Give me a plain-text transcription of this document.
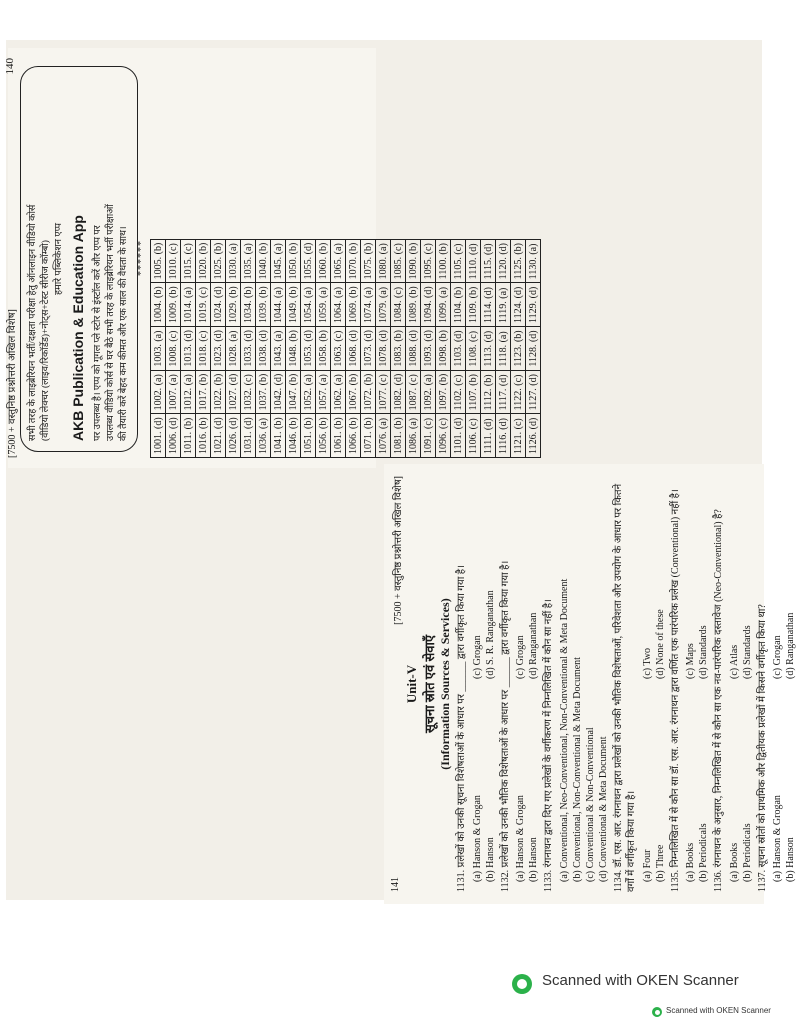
[7500 + वस्तुनिष्ठ प्रश्नोत्तरी अखिल विशेष]
140
सभी तरह के लाइब्रेरियन भर्ती/दक्षता परीक्षा हेतु ऑनलाइन वीडियो कोर्स (वीडियो लेक्चर (लाइव/रिकॉर्डेड)+नोट्स+टेस्ट सीरीज कॉम्बो) हमारे पब्लिकेशन एप्प AKB Publication & Education App पर उपलब्ध है। एप्प को गूगल प्ले स्टोर से इंस्टॉल करें और एप्प पर उपलब्ध वीडियो कोर्स से घर बैठे सभी तरह के लाइब्रेरियन भर्ती परीक्षाओं की तैयारी करें बेहद कम कीमत और एक साल की वैधता के साथ। ******
1001. (d)	1002. (a)	1003. (a)	1004. (b)	1005. (b)
1006. (d)	1007. (a)	1008. (c)	1009. (b)	1010. (c)
1011. (b)	1012. (a)	1013. (d)	1014. (a)	1015. (c)
1016. (b)	1017. (b)	1018. (c)	1019. (c)	1020. (b)
1021. (d)	1022. (b)	1023. (d)	1024. (d)	1025. (b)
1026. (d)	1027. (d)	1028. (a)	1029. (b)	1030. (a)
1031. (d)	1032. (c)	1033. (d)	1034. (b)	1035. (a)
1036. (a)	1037. (b)	1038. (d)	1039. (b)	1040. (b)
1041. (b)	1042. (d)	1043. (a)	1044. (a)	1045. (a)
1046. (b)	1047. (b)	1048. (b)	1049. (b)	1050. (b)
1051. (b)	1052. (a)	1053. (d)	1054. (a)	1055. (d)
1056. (b)	1057. (a)	1058. (b)	1059. (a)	1060. (b)
1061. (b)	1062. (a)	1063. (c)	1064. (a)	1065. (a)
1066. (b)	1067. (b)	1068. (d)	1069. (b)	1070. (b)
1071. (b)	1072. (b)	1073. (d)	1074. (a)	1075. (b)
1076. (a)	1077. (c)	1078. (d)	1079. (a)	1080. (a)
1081. (b)	1082. (d)	1083. (b)	1084. (c)	1085. (c)
1086. (a)	1087. (c)	1088. (d)	1089. (b)	1090. (b)
1091. (c)	1092. (a)	1093. (d)	1094. (d)	1095. (c)
1096. (c)	1097. (b)	1098. (b)	1099. (a)	1100. (b)
1101. (d)	1102. (c)	1103. (d)	1104. (b)	1105. (c)
1106. (c)	1107. (b)	1108. (c)	1109. (b)	1110. (d)
1111. (d)	1112. (b)	1113. (d)	1114. (d)	1115. (d)
1116. (d)	1117. (d)	1118. (a)	1119. (a)	1120. (d)
1121. (c)	1122. (c)	1123. (b)	1124. (d)	1125. (b)
1126. (d)	1127. (d)	1128. (d)	1129. (d)	1130. (a)
141
[7500 + वस्तुनिष्ठ प्रश्नोत्तरी अखिल विशेष]
Unit-V सूचना स्रोत एवं सेवाएँ (Information Sources & Services) 1131. प्रलेखों को उनकी सूचना विशेषताओं के आधार पर ______ द्वारा वर्गीकृत किया गया है। (a) Hanson & Grogan
(c) Grogan
(b) Hanson
(d) S. R. Ranganathan 1132. प्रलेखों को उनकी भौतिक विशेषताओं के आधार पर ______ द्वारा वर्गीकृत किया गया है। (a) Hanson & Grogan
(c) Grogan
(b) Hanson
(d) Ranganathan 1133. रंगनाथन द्वारा दिए गए प्रलेखों के वर्गीकरण में निम्नलिखित में कौन सा नहीं है। (a) Conventional, Neo-Conventional, Non-Conventional & Meta Document (b) Conventional, Non-Conventional & Meta Document (c) Conventional & Non-Conventional (d) Conventional & Meta Document 1134. डॉ. एस. आर. रंगनाथन द्वारा प्रलेखों को उनकी भौतिक विशेषताओं, परिवेशता और उपयोग के आधार पर कितने वर्गों में वर्गीकृत किया गया है। (a) Four
(c) Two
(b) Three
(d) None of these 1135. निम्नलिखित में से कौन सा डॉ. एस. आर. रंगनाथन द्वारा वर्णित एक पारंपरिक प्रलेख (Conventional) नहीं है। (a) Books
(c) Maps
(b) Periodicals
(d) Standards 1136. रंगनाथन के अनुसार, निम्नलिखित में से कौन सा एक नव-पारंपरिक दस्तावेज (Neo-Conventional) है? (a) Books
(c) Atlas
(b) Periodicals
(d) Standards 1137. सूचना स्रोतों को प्राथमिक और द्वितीयक प्रलेखों में किसने वर्गीकृत किया था? (a) Hanson & Grogan
(c) Grogan
(b) Hanson
(d) Ranganathan
Scanned with OKEN Scanner
Scanned with OKEN Scanner
